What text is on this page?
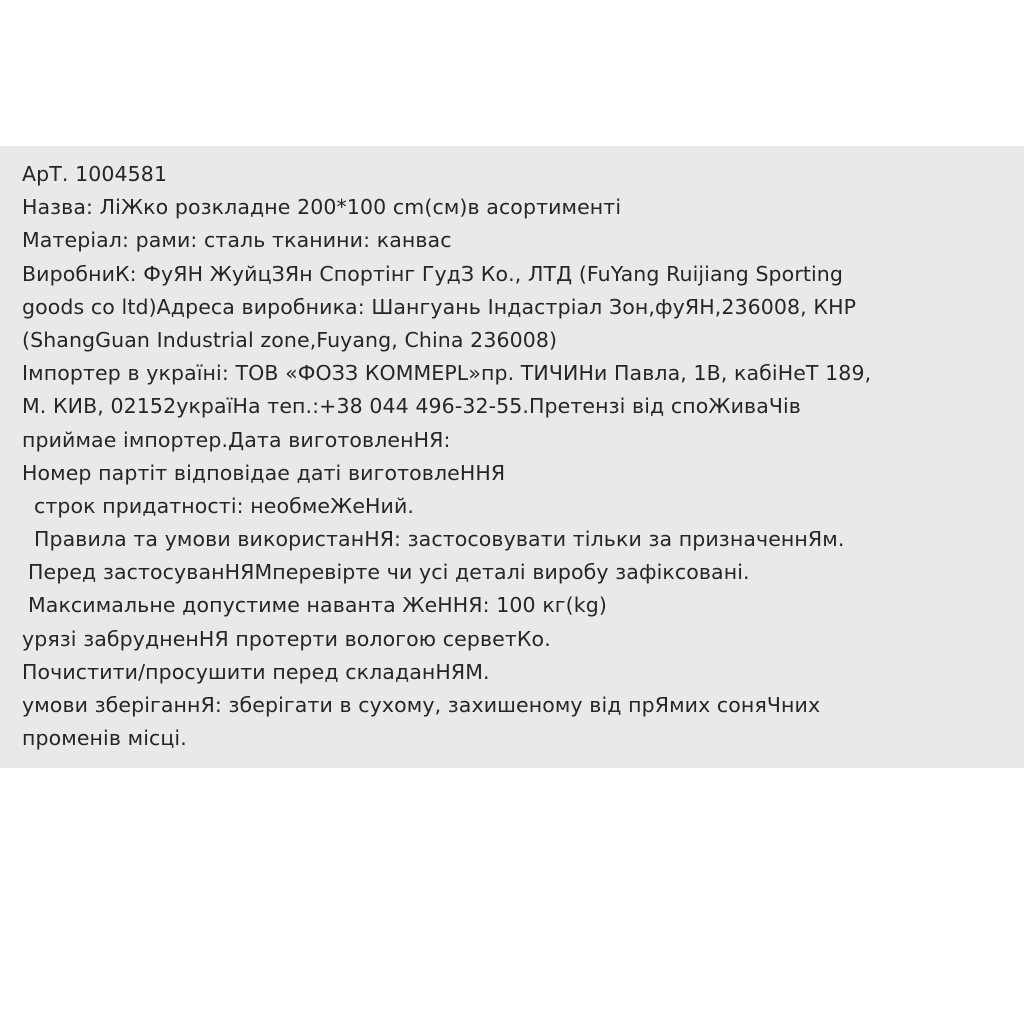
АрТ. 1004581
Назва: ЛіЖко розкладне 200*100 cm(см)в асортименті
Матеріал: рами: сталь тканини: канвас
ВиробниК: ФуЯН ЖуйцЗЯн Спортінг ГудЗ Ко., ЛТД (FuYang Ruijiang Sporting
goods co ltd)Адреса виробника: Шангуань Індастріал Зон,фуЯН,236008, КНР
(ShangGuan Industrial zone,Fuyang, China 236008)
Імпортер в україні: ТОВ «ФОЗЗ КОММЕРL»пр. ТИЧИНи Павла, 1В, кабіНеТ 189,
М. КИВ, 02152україНа теп.:+38 044 496-32-55.Претензі від споЖиваЧів
приймае імпортер.Дата виготовленНЯ:
Номер партіт відповідае даті виготовлеННЯ
строк придатності: необмеЖеНий.
Правила та умови використанНЯ: застосовувати тільки за призначеннЯм.
Перед застосуванНЯМперевірте чи усі деталі виробу зафіксовані.
Максимальне допустиме наванта ЖеННЯ: 100 кг(kg)
урязі забрудненНЯ протерти вологою серветКо.
Почистити/просушити перед складанНЯМ.
умови зберіганнЯ: зберігати в сухому, захишеному від прЯмих соняЧних
променів місці.
